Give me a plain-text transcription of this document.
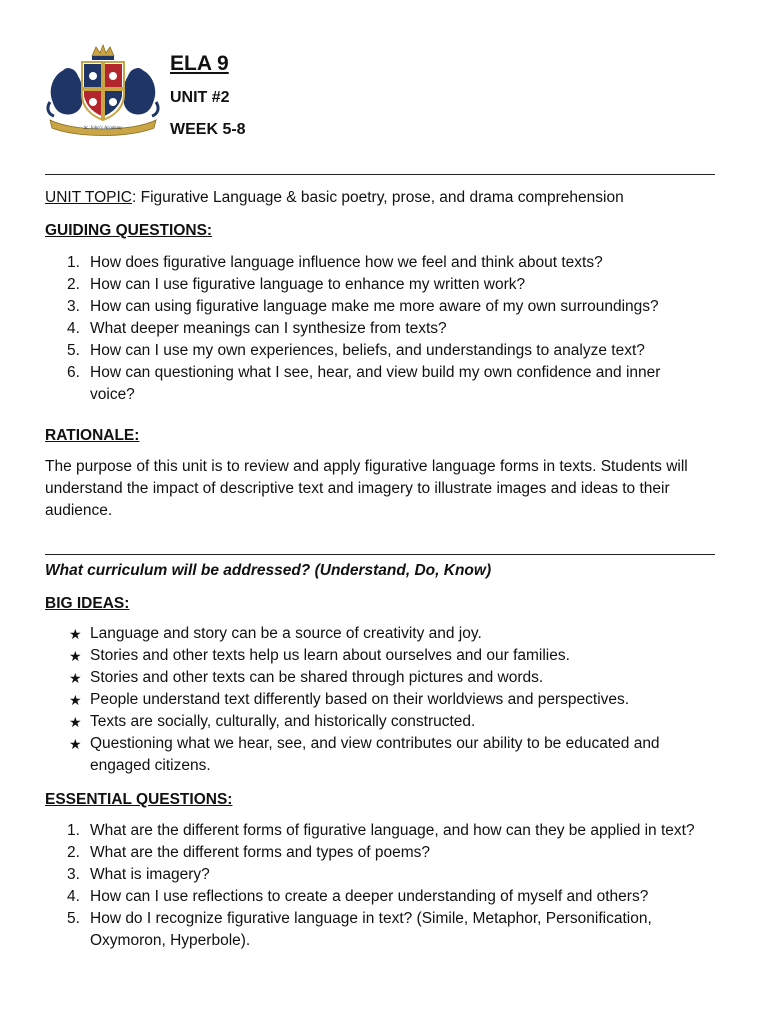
St. John's Academy

ELA 9

UNIT #2

WEEK 5-8

UNIT TOPIC: Figurative Language & basic poetry, prose, and drama comprehension
GUIDING QUESTIONS:
1. How does figurative language influence how we feel and think about texts?
2. How can I use figurative language to enhance my written work?
3. How can using figurative language make me more aware of my own surroundings?
4. What deeper meanings can I synthesize from texts?
5. How can I use my own experiences, beliefs, and understandings to analyze text?
6. How can questioning what I see, hear, and view build my own confidence and inner voice?
RATIONALE:
The purpose of this unit is to review and apply figurative language forms in texts. Students will understand the impact of descriptive text and imagery to illustrate images and ideas to their audience.
What curriculum will be addressed? (Understand, Do, Know)
BIG IDEAS:
★ Language and story can be a source of creativity and joy.
★ Stories and other texts help us learn about ourselves and our families.
★ Stories and other texts can be shared through pictures and words.
★ People understand text differently based on their worldviews and perspectives.
★ Texts are socially, culturally, and historically constructed.
★ Questioning what we hear, see, and view contributes our ability to be educated and engaged citizens.
ESSENTIAL QUESTIONS:
1. What are the different forms of figurative language, and how can they be applied in text?
2. What are the different forms and types of poems?
3. What is imagery?
4. How can I use reflections to create a deeper understanding of myself and others?
5. How do I recognize figurative language in text? (Simile, Metaphor, Personification, Oxymoron, Hyperbole).
